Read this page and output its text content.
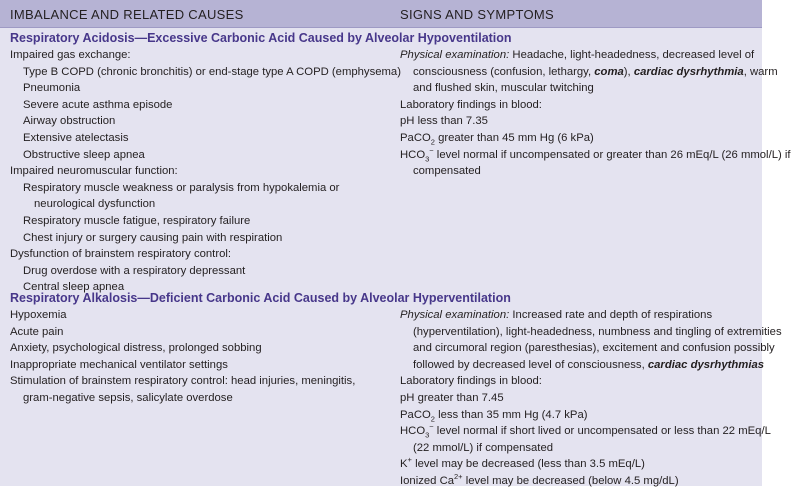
IMBALANCE AND RELATED CAUSES	SIGNS AND SYMPTOMS
Respiratory Acidosis—Excessive Carbonic Acid Caused by Alveolar Hypoventilation
Impaired gas exchange:
Type B COPD (chronic bronchitis) or end-stage type A COPD (emphysema)
Pneumonia
Severe acute asthma episode
Airway obstruction
Extensive atelectasis
Obstructive sleep apnea
Impaired neuromuscular function:
Respiratory muscle weakness or paralysis from hypokalemia or
neurological dysfunction
Respiratory muscle fatigue, respiratory failure
Chest injury or surgery causing pain with respiration
Dysfunction of brainstem respiratory control:
Drug overdose with a respiratory depressant
Central sleep apnea
Physical examination: Headache, light-headedness, decreased level of
consciousness (confusion, lethargy, coma), cardiac dysrhythmia, warm
and flushed skin, muscular twitching
Laboratory findings in blood:
pH less than 7.35
PaCO$_2$ greater than 45 mm Hg (6 kPa)
$HCO_3^-$ level normal if uncompensated or greater than 26 mEq/L (26 mmol/L) if
compensated
Respiratory Alkalosis—Deficient Carbonic Acid Caused by Alveolar Hyperventilation
Hypoxemia
Acute pain
Anxiety, psychological distress, prolonged sobbing
Inappropriate mechanical ventilator settings
Stimulation of brainstem respiratory control: head injuries, meningitis,
gram-negative sepsis, salicylate overdose
Physical examination: Increased rate and depth of respirations
(hyperventilation), light-headedness, numbness and tingling of extremities
and circumoral region (paresthesias), excitement and confusion possibly
followed by decreased level of consciousness, cardiac dysrhythmias
Laboratory findings in blood:
pH greater than 7.45
PaCO$_2$ less than 35 mm Hg (4.7 kPa)
$HCO_3^-$ level normal if short lived or uncompensated or less than 22 mEq/L
(22 mmol/L) if compensated
K+ level may be decreased (less than 3.5 mEq/L)
Ionized $Ca^{2+}$ level may be decreased (below 4.5 mg/dL)
